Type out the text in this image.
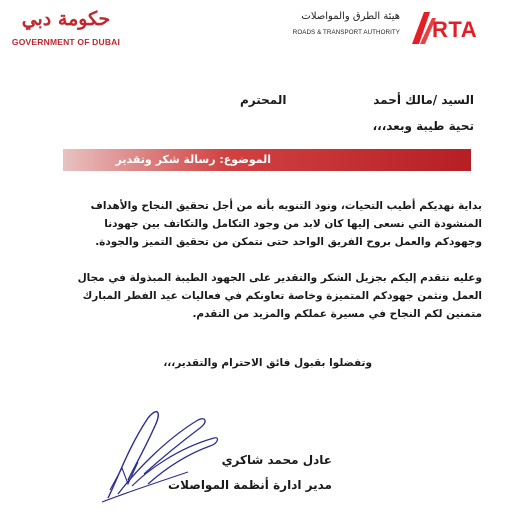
حكومة دبي
GOVERNMENT OF DUBAI
هيئة الطرق والمواصلات
ROADS & TRANSPORT AUTHORITY RTA
المحترم	السيد /مالك أحمد
تحية طيبة وبعد،،،
الموضوع: رسالة شكر وتقدير
بداية نهديكم أطيب التحيات، ونود التنويه بأنه من أجل تحقيق النجاح والأهداف
المنشودة التي نسعى إليها كان لابد من وجود التكامل والتكاتف بين جهودنا
وجهودكم والعمل بروح الفريق الواحد حتى نتمكن من تحقيق التميز والجودة.
وعليه نتقدم إليكم بجزيل الشكر والتقدير على الجهود الطيبة المبذولة في مجال
العمل ونثمن جهودكم المتميزة وخاصة تعاونكم في فعاليات عيد الفطر المبارك
متمنين لكم النجاح في مسيرة عملكم والمزيد من التقدم.
وتفضلوا بقبول فائق الاحترام والتقدير،،،
عادل محمد شاكري
مدير ادارة أنظمة المواصلات
